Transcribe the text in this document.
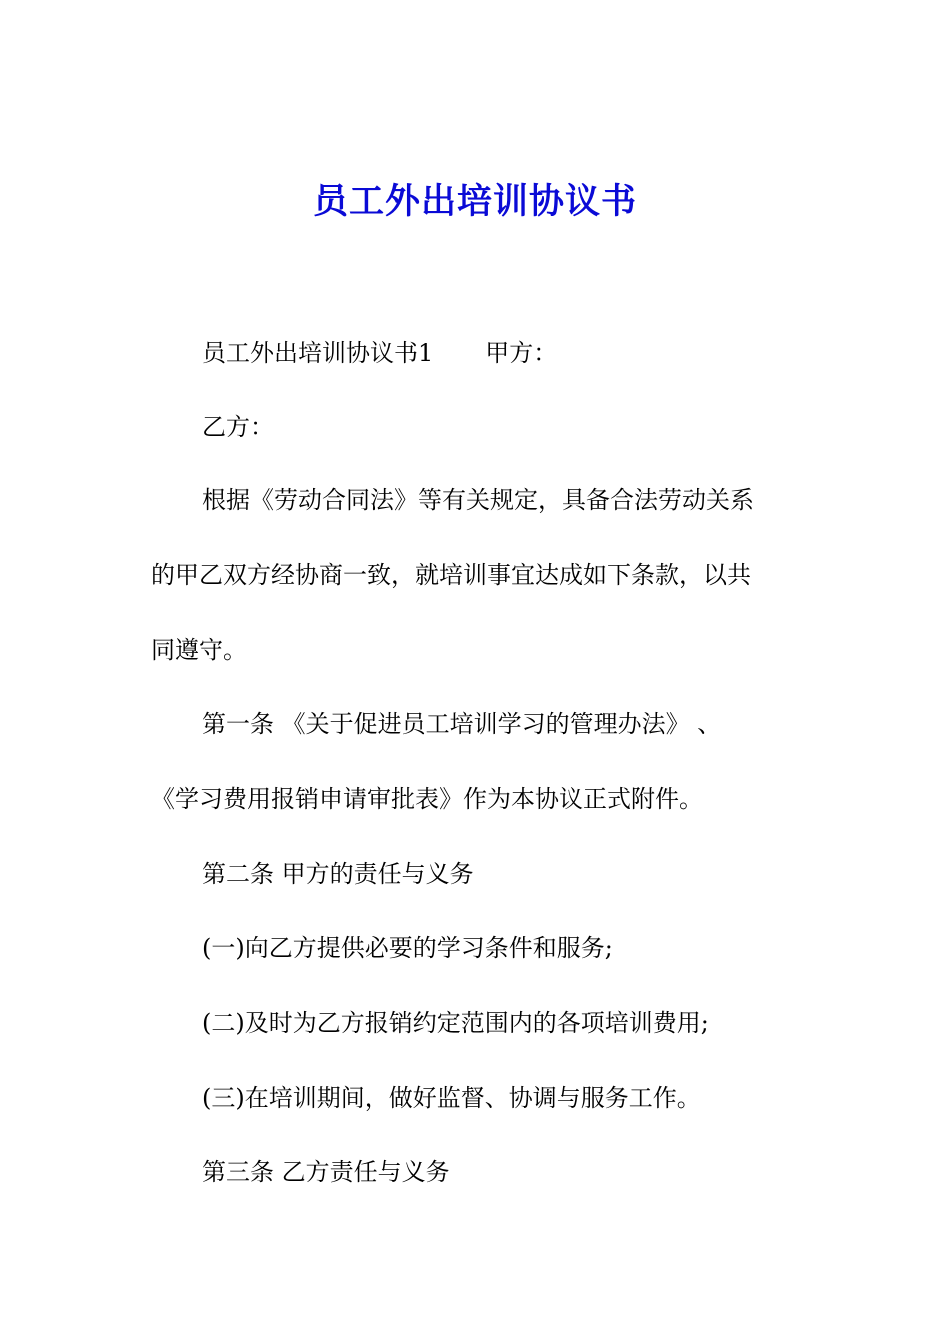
员工外出培训协议书

员工外出培训协议书1 甲方：

乙方：

根据《劳动合同法》等有关规定，具备合法劳动关系

的甲乙双方经协商一致，就培训事宜达成如下条款，以共

同遵守。

第一条 《关于促进员工培训学习的管理办法》 、

《学习费用报销申请审批表》作为本协议正式附件。

第二条 甲方的责任与义务

(一)向乙方提供必要的学习条件和服务;

(二)及时为乙方报销约定范围内的各项培训费用;

(三)在培训期间，做好监督、协调与服务工作。

第三条 乙方责任与义务
